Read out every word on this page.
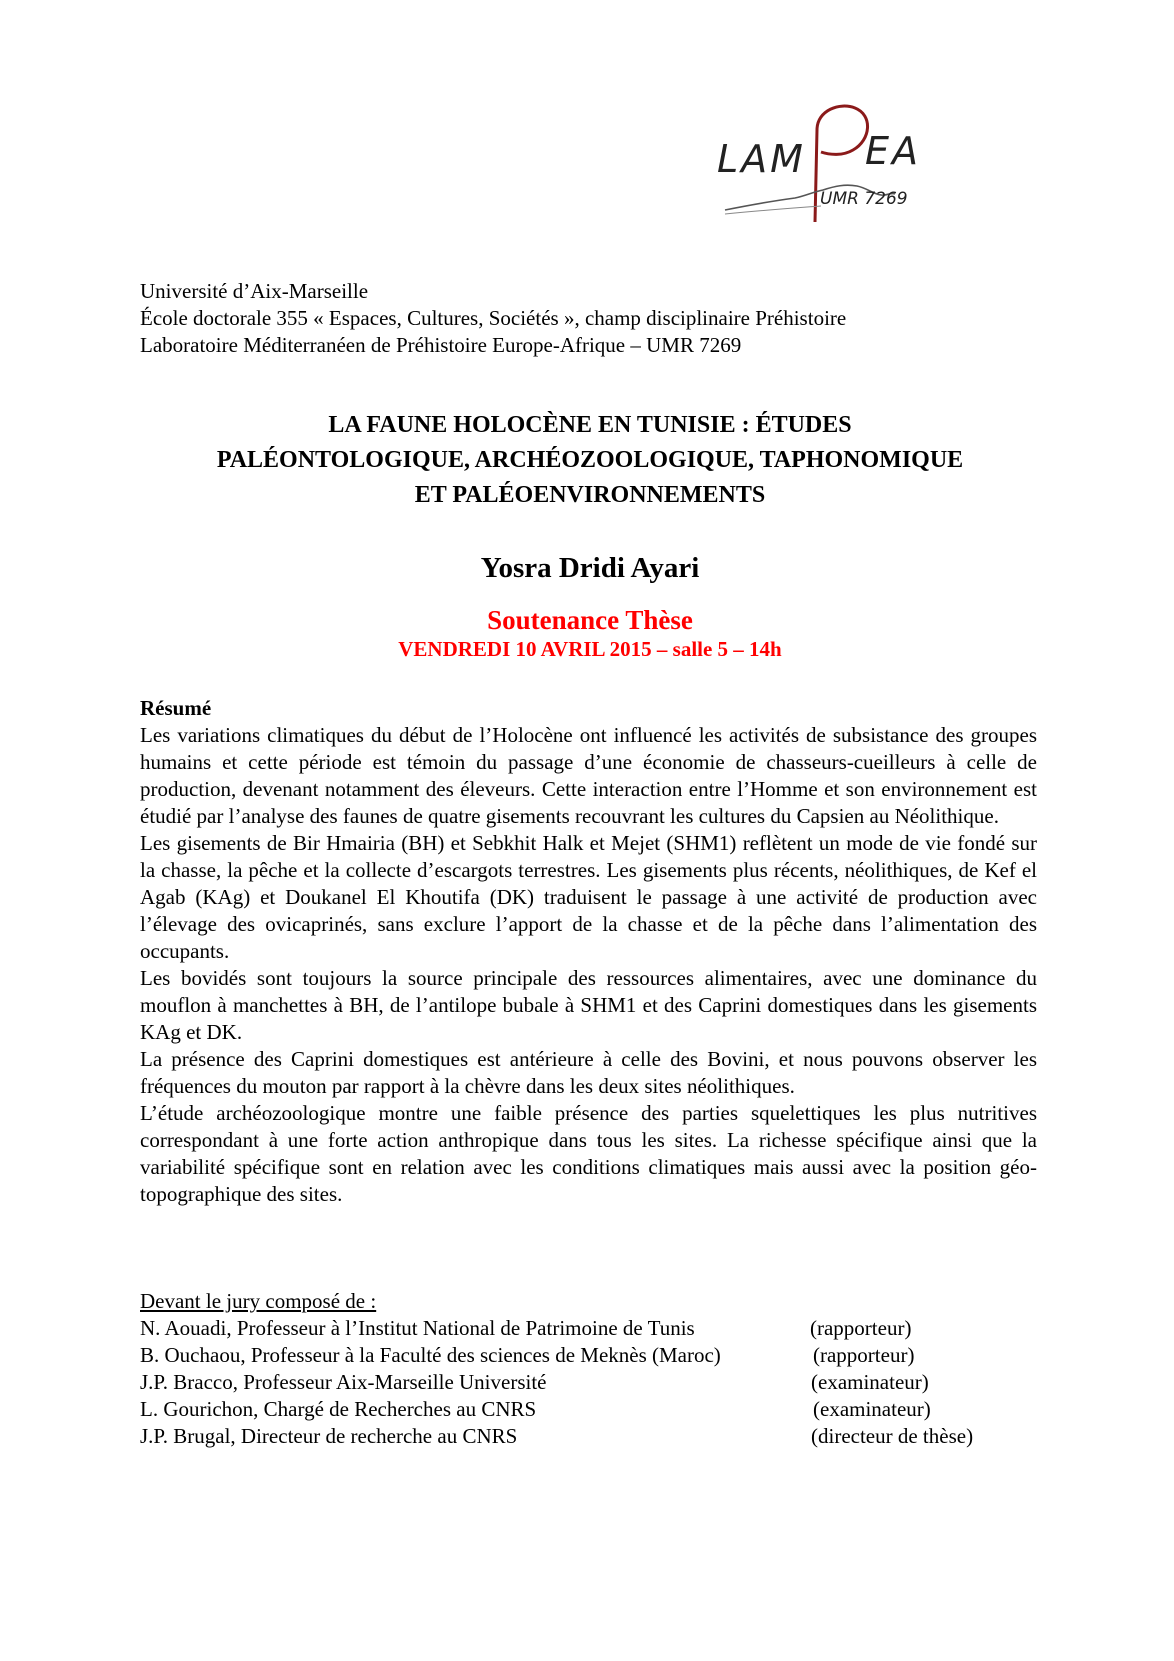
LAM EA
UMR 7269
Université d’Aix-Marseille
École doctorale 355 « Espaces, Cultures, Sociétés », champ disciplinaire Préhistoire
Laboratoire Méditerranéen de Préhistoire Europe-Afrique – UMR 7269
LA FAUNE HOLOCÈNE EN TUNISIE : ÉTUDES
PALÉONTOLOGIQUE, ARCHÉOZOOLOGIQUE, TAPHONOMIQUE
ET PALÉOENVIRONNEMENTS
Yosra Dridi Ayari
Soutenance Thèse
VENDREDI 10 AVRIL 2015 – salle 5 – 14h
Résumé

Les variations climatiques du début de l’Holocène ont influencé les activités de subsistance des groupes humains et cette période est témoin du passage d’une économie de chasseurs-cueilleurs à celle de production, devenant notamment des éleveurs. Cette interaction entre l’Homme et son environnement est étudié par l’analyse des faunes de quatre gisements recouvrant les cultures du Capsien au Néolithique.

Les gisements de Bir Hmairia (BH) et Sebkhit Halk et Mejet (SHM1) reflètent un mode de vie fondé sur la chasse, la pêche et la collecte d’escargots terrestres. Les gisements plus récents, néolithiques, de Kef el Agab (KAg) et Doukanel El Khoutifa (DK) traduisent le passage à une activité de production avec l’élevage des ovicaprinés, sans exclure l’apport de la chasse et de la pêche dans l’alimentation des occupants.

Les bovidés sont toujours la source principale des ressources alimentaires, avec une dominance du mouflon à manchettes à BH, de l’antilope bubale à SHM1 et des Caprini domestiques dans les gisements KAg et DK.

La présence des Caprini domestiques est antérieure à celle des Bovini, et nous pouvons observer les fréquences du mouton par rapport à la chèvre dans les deux sites néolithiques.

L’étude archéozoologique montre une faible présence des parties squelettiques les plus nutritives correspondant à une forte action anthropique dans tous les sites. La richesse spécifique ainsi que la variabilité spécifique sont en relation avec les conditions climatiques mais aussi avec la position géo-topographique des sites.

Devant le jury composé de :
N. Aouadi, Professeur à l’Institut National de Patrimoine de Tunis	(rapporteur)
B. Ouchaou, Professeur à la Faculté des sciences de Meknès (Maroc)	(rapporteur)
J.P. Bracco, Professeur Aix-Marseille Université	(examinateur)
L. Gourichon, Chargé de Recherches au CNRS	(examinateur)
J.P. Brugal, Directeur de recherche au CNRS	(directeur de thèse)
